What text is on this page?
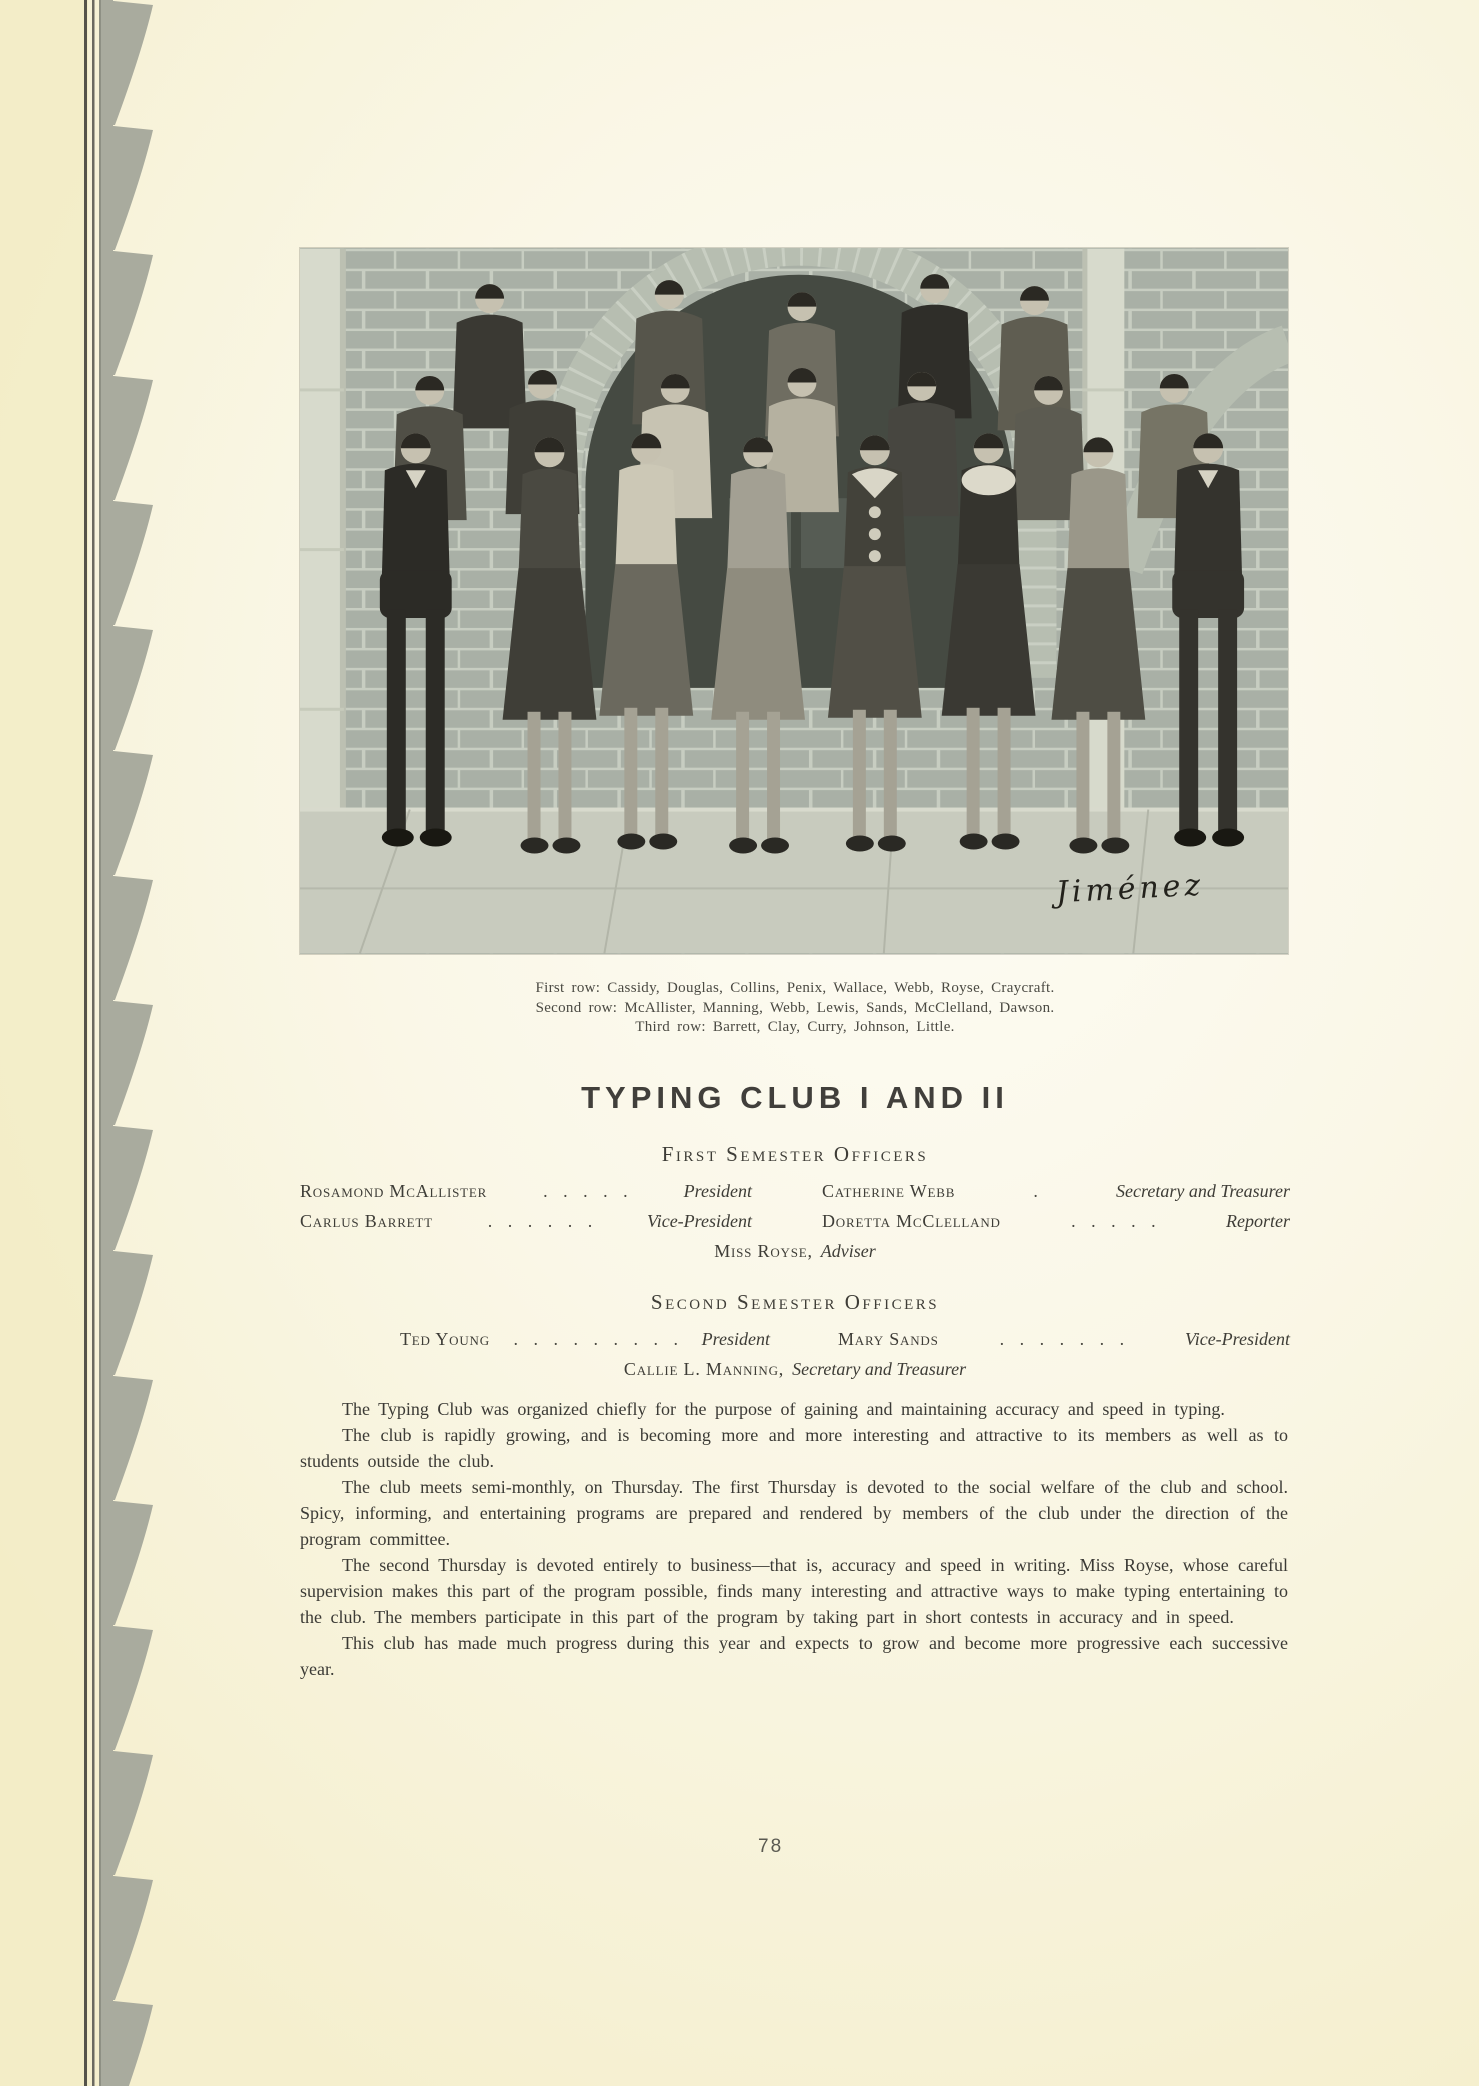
Jiménez
First row: Cassidy, Douglas, Collins, Penix, Wallace, Webb, Royse, Craycraft.
Second row: McAllister, Manning, Webb, Lewis, Sands, McClelland, Dawson.
Third row: Barrett, Clay, Curry, Johnson, Little.
TYPING CLUB I AND II
First Semester Officers
Rosamond McAllister	. . . . .	President
Carlus Barrett	. . . . . .	Vice-President
Catherine Webb	.	Secretary and Treasurer
Doretta McClelland	. . . . .	Reporter
Miss Royse, Adviser
Second Semester Officers
Ted Young	. . . . . . . . .	President	Mary Sands	. . . . . . .	Vice-President
Callie L. Manning, Secretary and Treasurer

The Typing Club was organized chiefly for the purpose of gaining and maintaining accuracy and speed in typing.

The club is rapidly growing, and is becoming more and more interesting and attractive to its members as well as to students outside the club.

The club meets semi-monthly, on Thursday. The first Thursday is devoted to the social welfare of the club and school. Spicy, informing, and entertaining programs are prepared and rendered by members of the club under the direction of the program committee.

The second Thursday is devoted entirely to business—that is, accuracy and speed in writing. Miss Royse, whose careful supervision makes this part of the program possible, finds many interesting and attractive ways to make typing entertaining to the club. The members participate in this part of the program by taking part in short contests in accuracy and in speed.

This club has made much progress during this year and expects to grow and become more progressive each successive year.

78
